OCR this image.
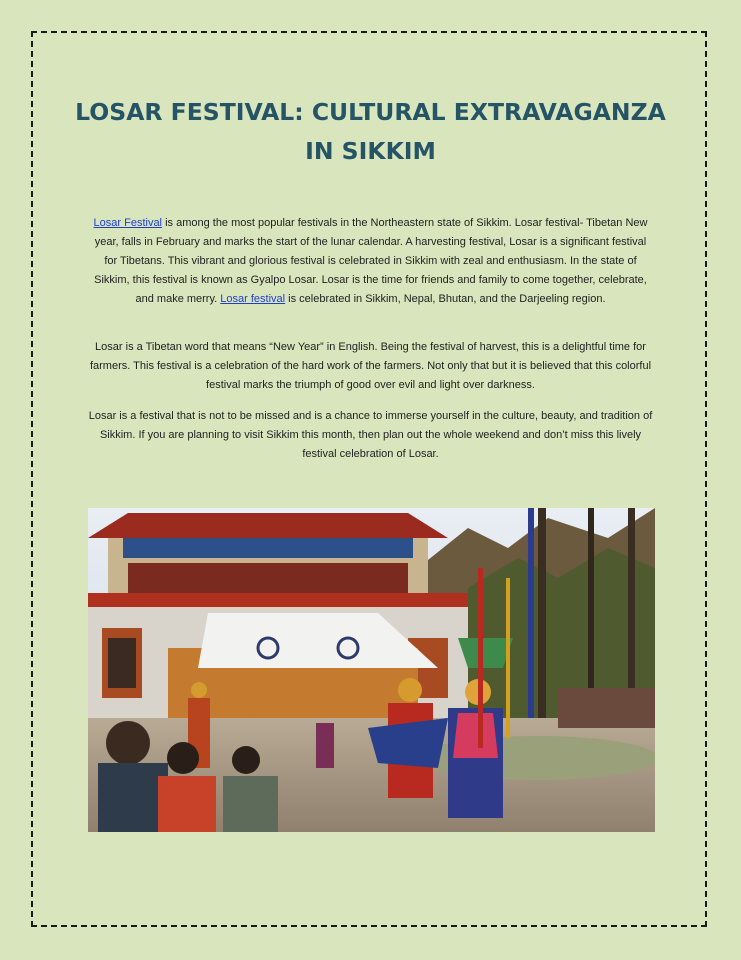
LOSAR FESTIVAL: CULTURAL EXTRAVAGANZA
IN SIKKIM

Losar Festival is among the most popular festivals in the Northeastern state of Sikkim. Losar festival- Tibetan New year, falls in February and marks the start of the lunar calendar. A harvesting festival, Losar is a significant festival for Tibetans. This vibrant and glorious festival is celebrated in Sikkim with zeal and enthusiasm. In the state of Sikkim, this festival is known as Gyalpo Losar. Losar is the time for friends and family to come together, celebrate, and make merry. Losar festival is celebrated in Sikkim, Nepal, Bhutan, and the Darjeeling region.

Losar is a Tibetan word that means “New Year” in English. Being the festival of harvest, this is a delightful time for farmers. This festival is a celebration of the hard work of the farmers. Not only that but it is believed that this colorful festival marks the triumph of good over evil and light over darkness.

Losar is a festival that is not to be missed and is a chance to immerse yourself in the culture, beauty, and tradition of Sikkim. If you are planning to visit Sikkim this month, then plan out the whole weekend and don’t miss this lively festival celebration of Losar.
